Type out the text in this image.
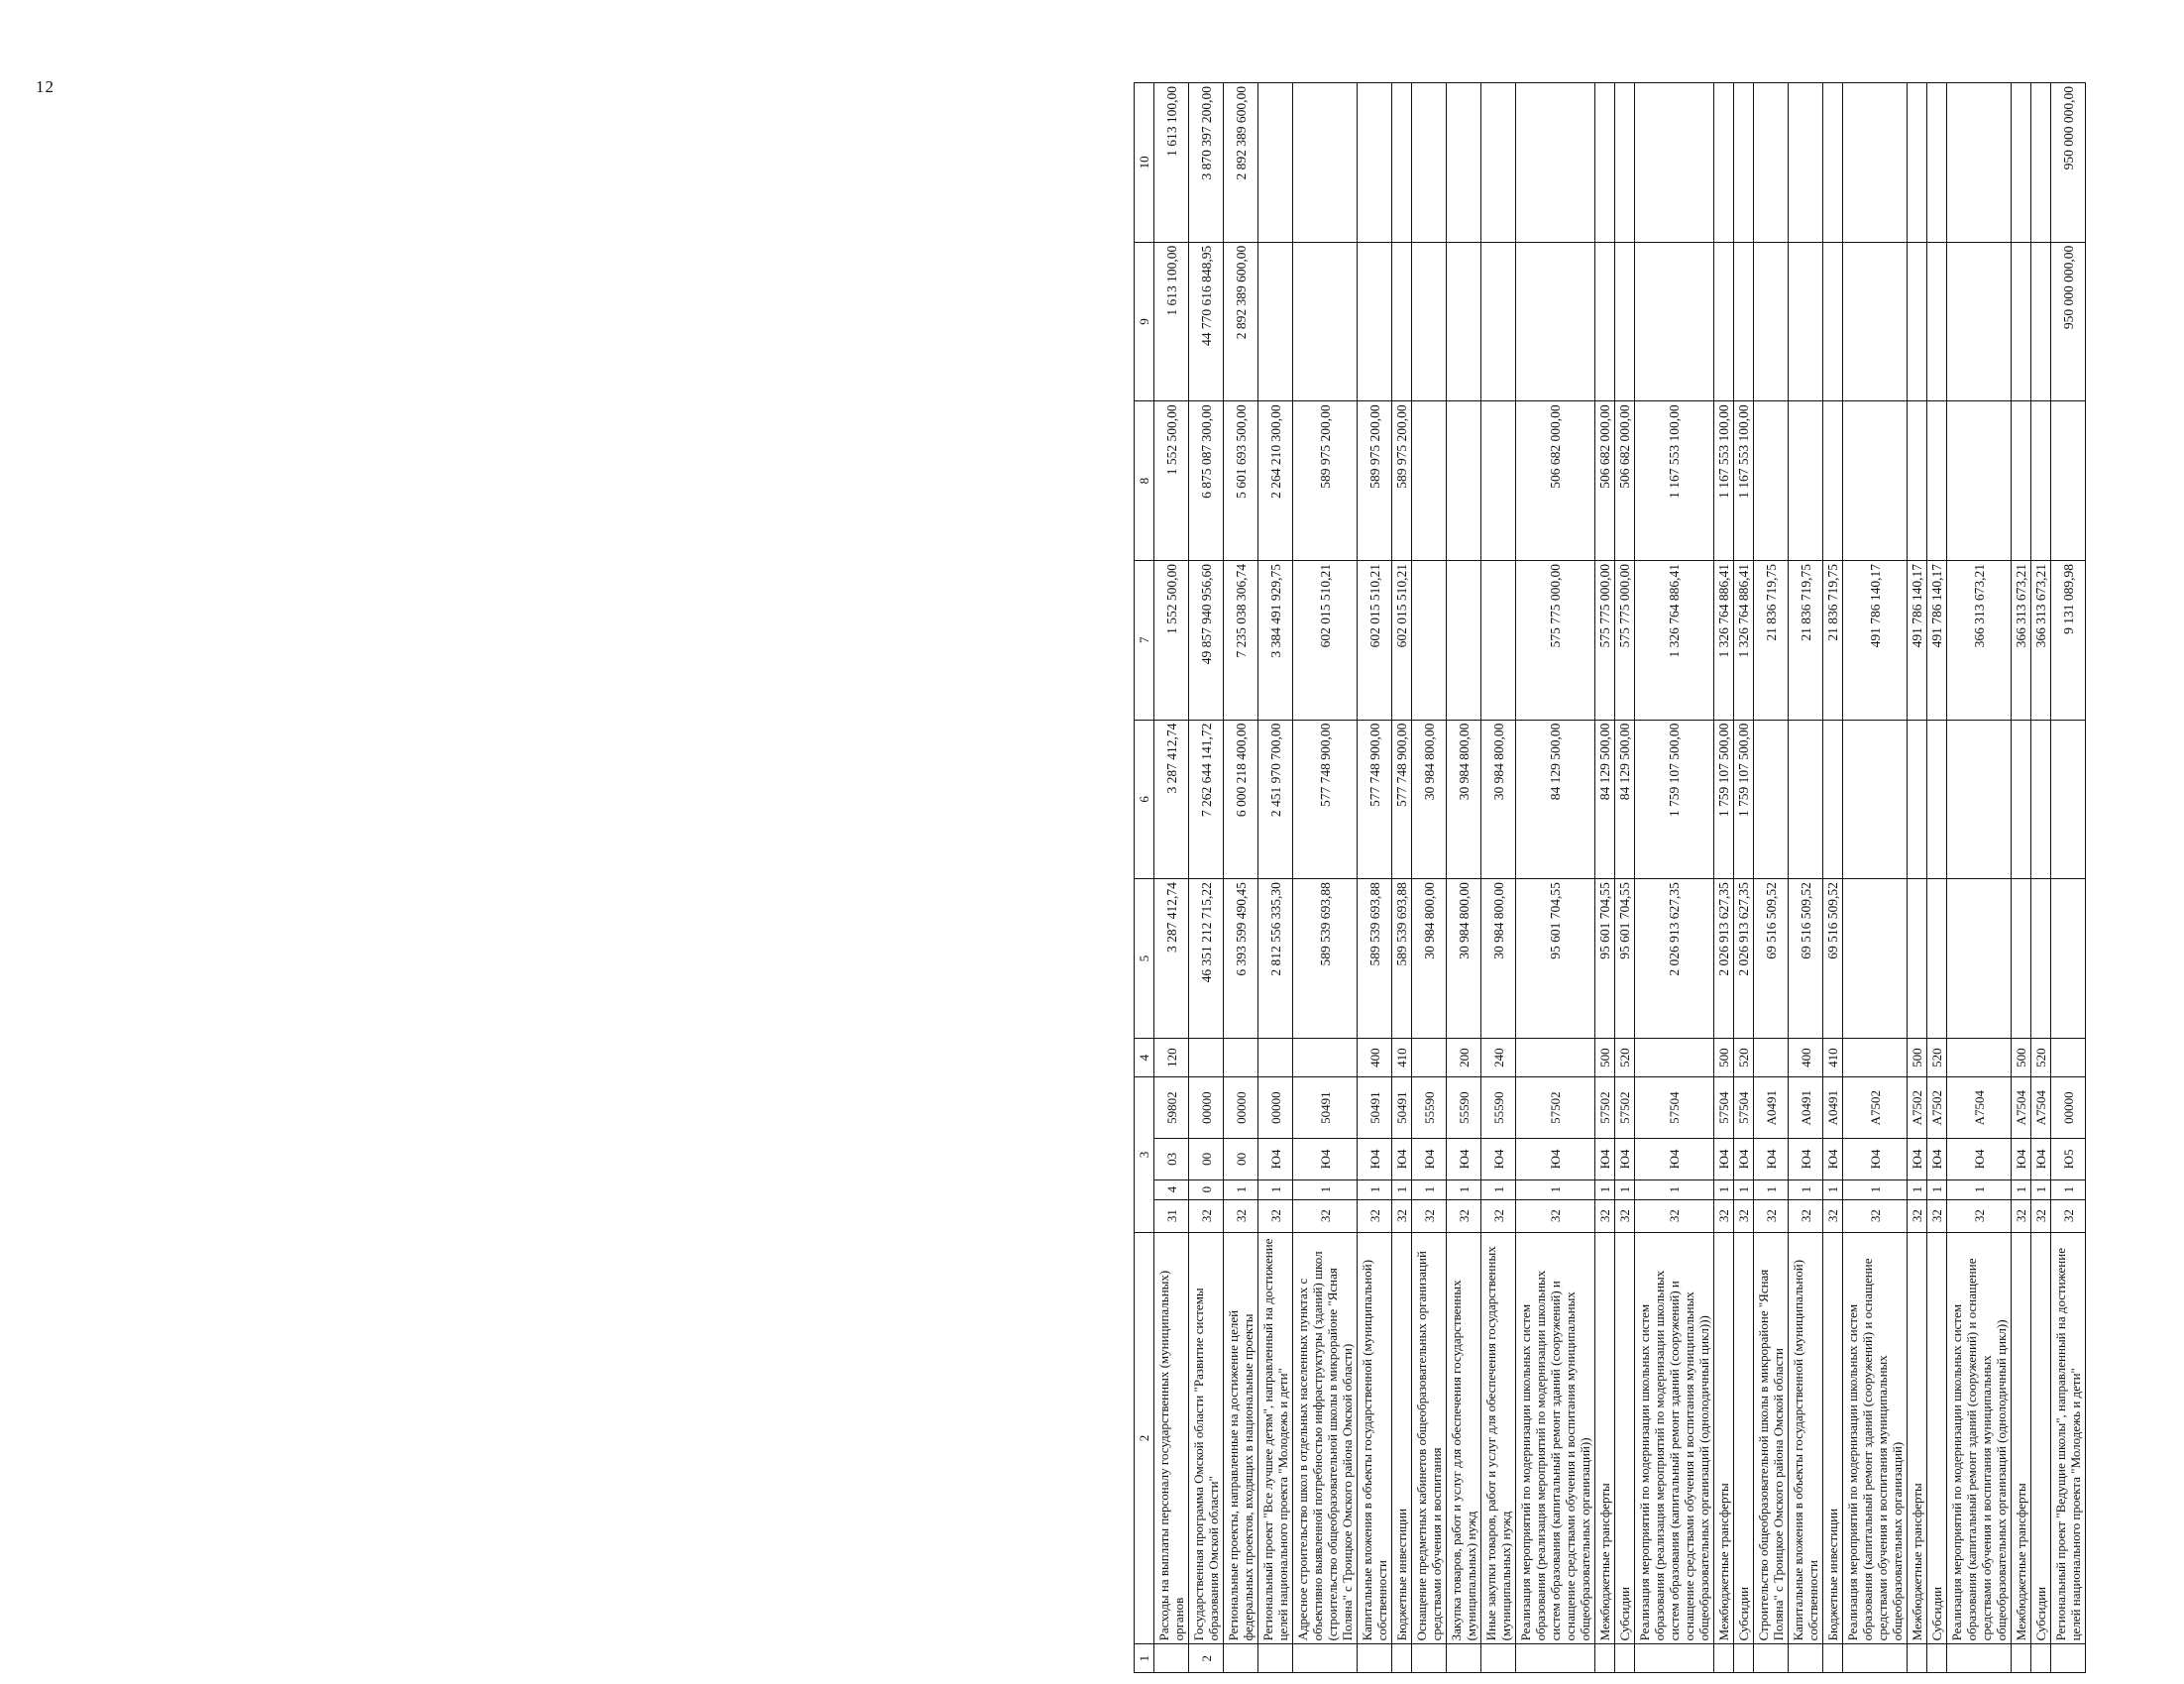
12
1	2	3				4	5	6	7	8	9	10
	Расходы на выплаты персоналу государственных (муниципальных) органов	31	4	03	59802	120	3 287 412,74	3 287 412,74	1 552 500,00	1 552 500,00	1 613 100,00	1 613 100,00
2	Государственная программа Омской области "Развитие системы образования Омской области"	32	0	00	00000		46 351 212 715,22	7 262 644 141,72	49 857 940 956,60	6 875 087 300,00	44 770 616 848,95	3 870 397 200,00
	Региональные проекты, направленные на достижение целей федеральных проектов, входящих в национальные проекты	32	1	00	00000		6 393 599 490,45	6 000 218 400,00	7 235 038 306,74	5 601 693 500,00	2 892 389 600,00	2 892 389 600,00
	Региональный проект "Все лучшее детям", направленный на достижение целей национального проекта "Молодежь и дети"	32	1	Ю4	00000		2 812 556 335,30	2 451 970 700,00	3 384 491 929,75	2 264 210 300,00		
	Адресное строительство школ в отдельных населенных пунктах с объективно выявленной потребностью инфраструктуры (зданий) школ (строительство общеобразовательной школы в микрорайоне "Ясная Поляна" с Троицкое Омского района Омской области)	32	1	Ю4	50491		589 539 693,88	577 748 900,00	602 015 510,21	589 975 200,00		
	Капитальные вложения в объекты государственной (муниципальной) собственности	32	1	Ю4	50491	400	589 539 693,88	577 748 900,00	602 015 510,21	589 975 200,00		
	Бюджетные инвестиции	32	1	Ю4	50491	410	589 539 693,88	577 748 900,00	602 015 510,21	589 975 200,00		
	Оснащение предметных кабинетов общеобразовательных организаций средствами обучения и воспитания	32	1	Ю4	55590		30 984 800,00	30 984 800,00				
	Закупка товаров, работ и услуг для обеспечения государственных (муниципальных) нужд	32	1	Ю4	55590	200	30 984 800,00	30 984 800,00				
	Иные закупки товаров, работ и услуг для обеспечения государственных (муниципальных) нужд	32	1	Ю4	55590	240	30 984 800,00	30 984 800,00				
	Реализация мероприятий по модернизации школьных систем образования (реализация мероприятий по модернизации школьных систем образования (капитальный ремонт зданий (сооружений) и оснащение средствами обучения и воспитания муниципальных общеобразовательных организаций))	32	1	Ю4	57502		95 601 704,55	84 129 500,00	575 775 000,00	506 682 000,00		
	Межбюджетные трансферты	32	1	Ю4	57502	500	95 601 704,55	84 129 500,00	575 775 000,00	506 682 000,00		
	Субсидии	32	1	Ю4	57502	520	95 601 704,55	84 129 500,00	575 775 000,00	506 682 000,00		
	Реализация мероприятий по модернизации школьных систем образования (реализация мероприятий по модернизации школьных систем образования (капитальный ремонт зданий (сооружений) и оснащение средствами обучения и воспитания муниципальных общеобразовательных организаций (однолодичный цикл)))	32	1	Ю4	57504		2 026 913 627,35	1 759 107 500,00	1 326 764 886,41	1 167 553 100,00		
	Межбюджетные трансферты	32	1	Ю4	57504	500	2 026 913 627,35	1 759 107 500,00	1 326 764 886,41	1 167 553 100,00		
	Субсидии	32	1	Ю4	57504	520	2 026 913 627,35	1 759 107 500,00	1 326 764 886,41	1 167 553 100,00		
	Строительство общеобразовательной школы в микрорайоне "Ясная Поляна" с Троицкое Омского района Омской области	32	1	Ю4	А0491		69 516 509,52		21 836 719,75			
	Капитальные вложения в объекты государственной (муниципальной) собственности	32	1	Ю4	А0491	400	69 516 509,52		21 836 719,75			
	Бюджетные инвестиции	32	1	Ю4	А0491	410	69 516 509,52		21 836 719,75			
	Реализация мероприятий по модернизации школьных систем образования (капитальный ремонт зданий (сооружений) и оснащение средствами обучения и воспитания муниципальных общеобразовательных организаций)	32	1	Ю4	А7502				491 786 140,17			
	Межбюджетные трансферты	32	1	Ю4	А7502	500			491 786 140,17			
	Субсидии	32	1	Ю4	А7502	520			491 786 140,17			
	Реализация мероприятий по модернизации школьных систем образования (капитальный ремонт зданий (сооружений) и оснащение средствами обучения и воспитания муниципальных общеобразовательных организаций (однолодичный цикл))	32	1	Ю4	А7504				366 313 673,21			
	Межбюджетные трансферты	32	1	Ю4	А7504	500			366 313 673,21			
	Субсидии	32	1	Ю4	А7504	520			366 313 673,21			
	Региональный проект "Ведущие школы", направленный на достижение целей национального проекта "Молодежь и дети"	32	1	Ю5	00000				9 131 089,98		950 000 000,00	950 000 000,00
